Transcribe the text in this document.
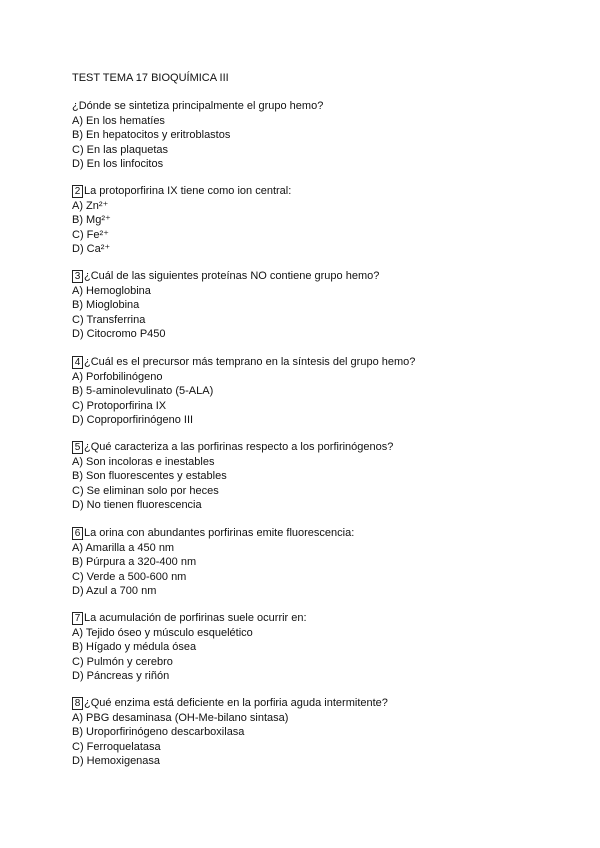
TEST TEMA 17 BIOQUÍMICA III
¿Dónde se sintetiza principalmente el grupo hemo?
A) En los hematíes
B) En hepatocitos y eritroblastos
C) En las plaquetas
D) En los linfocitos
2 La protoporfirina IX tiene como ion central:
A) Zn²⁺
B) Mg²⁺
C) Fe²⁺
D) Ca²⁺
3 ¿Cuál de las siguientes proteínas NO contiene grupo hemo?
A) Hemoglobina
B) Mioglobina
C) Transferrina
D) Citocromo P450
4 ¿Cuál es el precursor más temprano en la síntesis del grupo hemo?
A) Porfobilinógeno
B) 5-aminolevulinato (5-ALA)
C) Protoporfirina IX
D) Coproporfirinógeno III
5 ¿Qué caracteriza a las porfirinas respecto a los porfirinógenos?
A) Son incoloras e inestables
B) Son fluorescentes y estables
C) Se eliminan solo por heces
D) No tienen fluorescencia
6 La orina con abundantes porfirinas emite fluorescencia:
A) Amarilla a 450 nm
B) Púrpura a 320-400 nm
C) Verde a 500-600 nm
D) Azul a 700 nm
7 La acumulación de porfirinas suele ocurrir en:
A) Tejido óseo y músculo esquelético
B) Hígado y médula ósea
C) Pulmón y cerebro
D) Páncreas y riñón
8 ¿Qué enzima está deficiente en la porfiria aguda intermitente?
A) PBG desaminasa (OH-Me-bilano sintasa)
B) Uroporfirinógeno descarboxilasa
C) Ferroquelatasa
D) Hemoxigenasa
